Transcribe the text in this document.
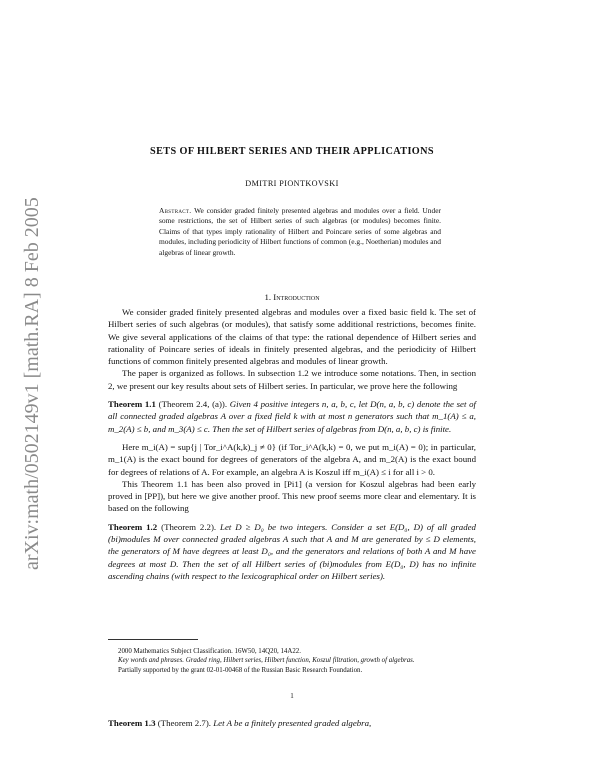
arXiv:math/0502149v1 [math.RA] 8 Feb 2005
SETS OF HILBERT SERIES AND THEIR APPLICATIONS
DMITRI PIONTKOVSKI
Abstract. We consider graded finitely presented algebras and modules over a field. Under some restrictions, the set of Hilbert series of such algebras (or modules) becomes finite. Claims of that types imply rationality of Hilbert and Poincare series of some algebras and modules, including periodicity of Hilbert functions of common (e.g., Noetherian) modules and algebras of linear growth.
1. Introduction

We consider graded finitely presented algebras and modules over a fixed basic field k. The set of Hilbert series of such algebras (or modules), that satisfy some additional restrictions, becomes finite. We give several applications of the claims of that type: the rational dependence of Hilbert series and rationality of Poincare series of ideals in finitely presented algebras, and the periodicity of Hilbert functions of common finitely presented algebras and modules of linear growth.

The paper is organized as follows. In subsection 1.2 we introduce some notations. Then, in section 2, we present our key results about sets of Hilbert series. In particular, we prove here the following

Theorem 1.1 (Theorem 2.4, (a)). Given 4 positive integers n, a, b, c, let D(n, a, b, c) denote the set of all connected graded algebras A over a fixed field k with at most n generators such that m_1(A) ≤ a, m_2(A) ≤ b, and m_3(A) ≤ c. Then the set of Hilbert series of algebras from D(n, a, b, c) is finite.

Here m_i(A) = sup{j | Tor_i^A(k,k)_j ≠ 0} (if Tor_i^A(k,k) = 0, we put m_i(A) = 0); in particular, m_1(A) is the exact bound for degrees of generators of the algebra A, and m_2(A) is the exact bound for degrees of relations of A. For example, an algebra A is Koszul iff m_i(A) ≤ i for all i > 0.

This Theorem 1.1 has been also proved in [Pi1] (a version for Koszul algebras had been early proved in [PP]), but here we give another proof. This new proof seems more clear and elementary. It is based on the following

Theorem 1.2 (Theorem 2.2). Let D ≥ D₀ be two integers. Consider a set E(D₀, D) of all graded (bi)modules M over connected graded algebras A such that A and M are generated by ≤ D elements, the generators of M have degrees at least D₀, and the generators and relations of both A and M have degrees at most D. Then the set of all Hilbert series of (bi)modules from E(D₀, D) has no infinite ascending chains (with respect to the lexicographical order on Hilbert series).

2000 Mathematics Subject Classification. 16W50, 14Q20, 14A22.

Key words and phrases. Graded ring, Hilbert series, Hilbert function, Koszul filtration, growth of algebras.

Partially supported by the grant 02-01-00468 of the Russian Basic Research Foundation.

1
Theorem 1.3 (Theorem 2.7). Let A be a finitely presented graded algebra,
